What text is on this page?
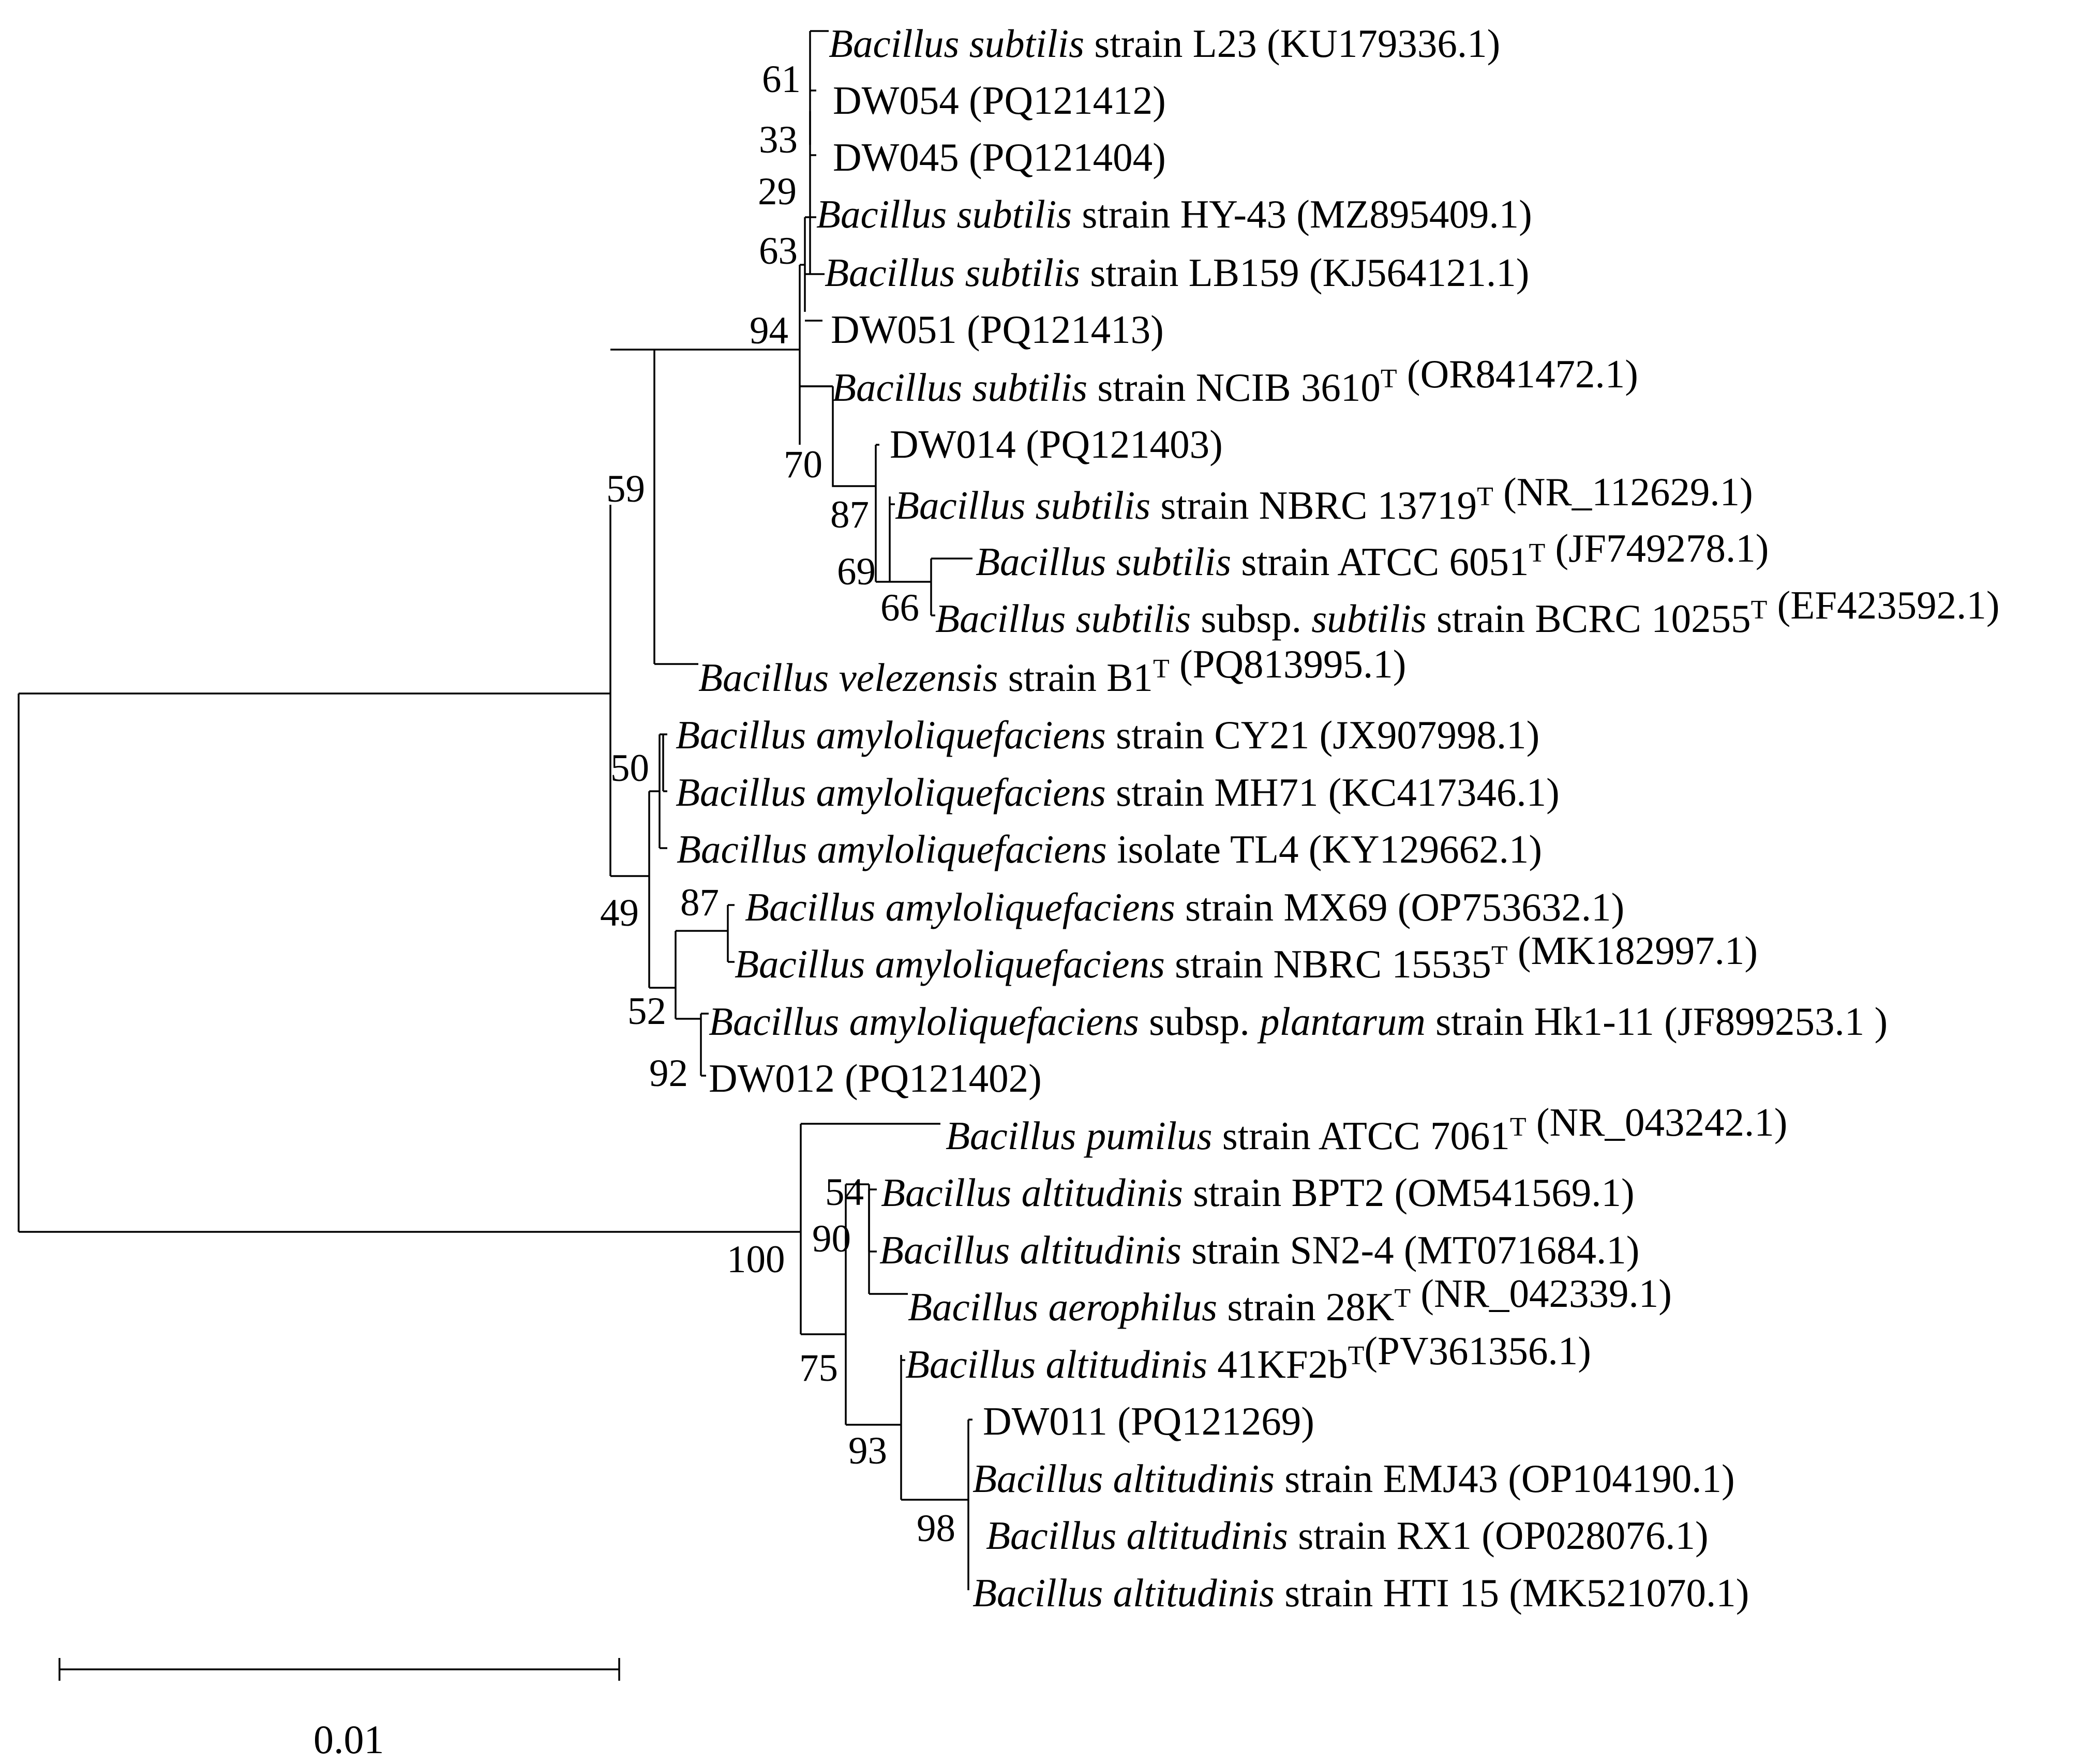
Bacillus subtilis strain L23 (KU179336.1)
DW054 (PQ121412)
DW045 (PQ121404)
Bacillus subtilis strain HY-43 (MZ895409.1)
Bacillus subtilis strain LB159 (KJ564121.1)
DW051 (PQ121413)
Bacillus subtilis strain NCIB $3610^T$ (OR841472.1)
DW014 (PQ121403)
Bacillus subtilis strain NBRC $13719^T$ (NR_112629.1)
Bacillus subtilis strain ATCC $6051^T$ (JF749278.1)
Bacillus subtilis subsp. subtilis strain BCRC $10255^T$ (EF423592.1)
Bacillus velezensis strain $B1^T$ (PQ813995.1)
Bacillus amyloliquefaciens strain CY21 (JX907998.1)
Bacillus amyloliquefaciens strain MH71 (KC417346.1)
Bacillus amyloliquefaciens isolate TL4 (KY129662.1)
Bacillus amyloliquefaciens strain MX69 (OP753632.1)
Bacillus amyloliquefaciens strain NBRC $15535^T$ (MK182997.1)
Bacillus amyloliquefaciens subsp. plantarum strain Hk1-11 (JF899253.1 )
DW012 (PQ121402)
Bacillus pumilus strain ATCC $7061^T$ (NR_043242.1)
Bacillus altitudinis strain BPT2 (OM541569.1)
Bacillus altitudinis strain SN2-4 (MT071684.1)
Bacillus aerophilus strain $28K^T$ (NR_042339.1)
Bacillus altitudinis $41KF2b^T(PV361356.1)$
DW011 (PQ121269)
Bacillus altitudinis strain EMJ43 (OP104190.1)
Bacillus altitudinis strain RX1 (OP028076.1)
Bacillus altitudinis strain HTI 15 (MK521070.1)
61
33
29
63
94
70
87
69
66
59
50
49 87
52
92
100
54
90
75
93
98
0.01
